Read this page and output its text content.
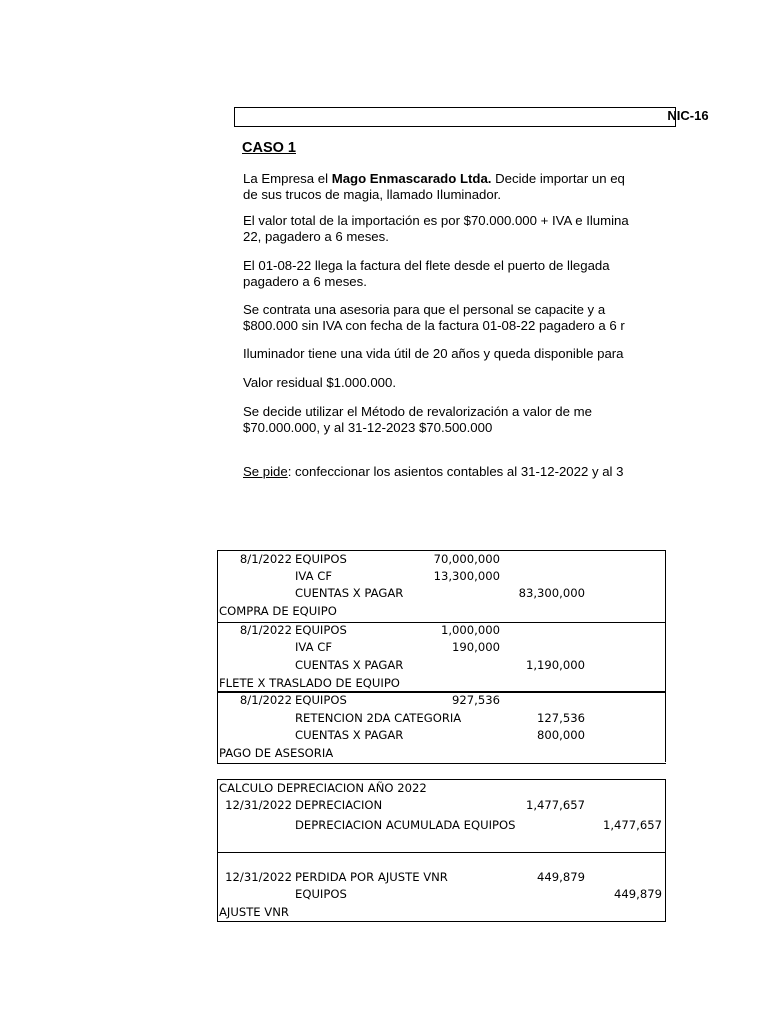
NIC-16
CASO 1
La Empresa el Mago Enmascarado Ltda. Decide importar un eq
de sus trucos de magia, llamado Iluminador.
El valor total de la importación es por $70.000.000 + IVA e Ilumina
22, pagadero a 6 meses.
El 01-08-22 llega la factura del flete desde el puerto de llegada
pagadero a 6 meses.
Se contrata una asesoria para que el personal se capacite y a
$800.000 sin IVA con fecha de la factura 01-08-22 pagadero a 6 r
Iluminador tiene una vida útil de 20 años y queda disponible para
Valor residual $1.000.000.
Se decide utilizar el Método de revalorización a valor de me
$70.000.000, y al 31-12-2023 $70.500.000
Se pide: confeccionar los asientos contables al 31-12-2022 y al 3
8/1/2022 EQUIPOS	70,000,000
IVA CF	13,300,000
CUENTAS X PAGAR	83,300,000
COMPRA DE EQUIPO
8/1/2022 EQUIPOS	1,000,000
IVA CF	190,000
CUENTAS X PAGAR	1,190,000
FLETE X TRASLADO DE EQUIPO
8/1/2022 EQUIPOS	927,536
RETENCION 2DA CATEGORIA	127,536
CUENTAS X PAGAR	800,000
PAGO DE ASESORIA
CALCULO DEPRECIACION AÑO 2022
12/31/2022 DEPRECIACION	1,477,657
DEPRECIACION ACUMULADA EQUIPOS	1,477,657
12/31/2022 PERDIDA POR AJUSTE VNR	449,879
EQUIPOS	449,879
AJUSTE VNR
